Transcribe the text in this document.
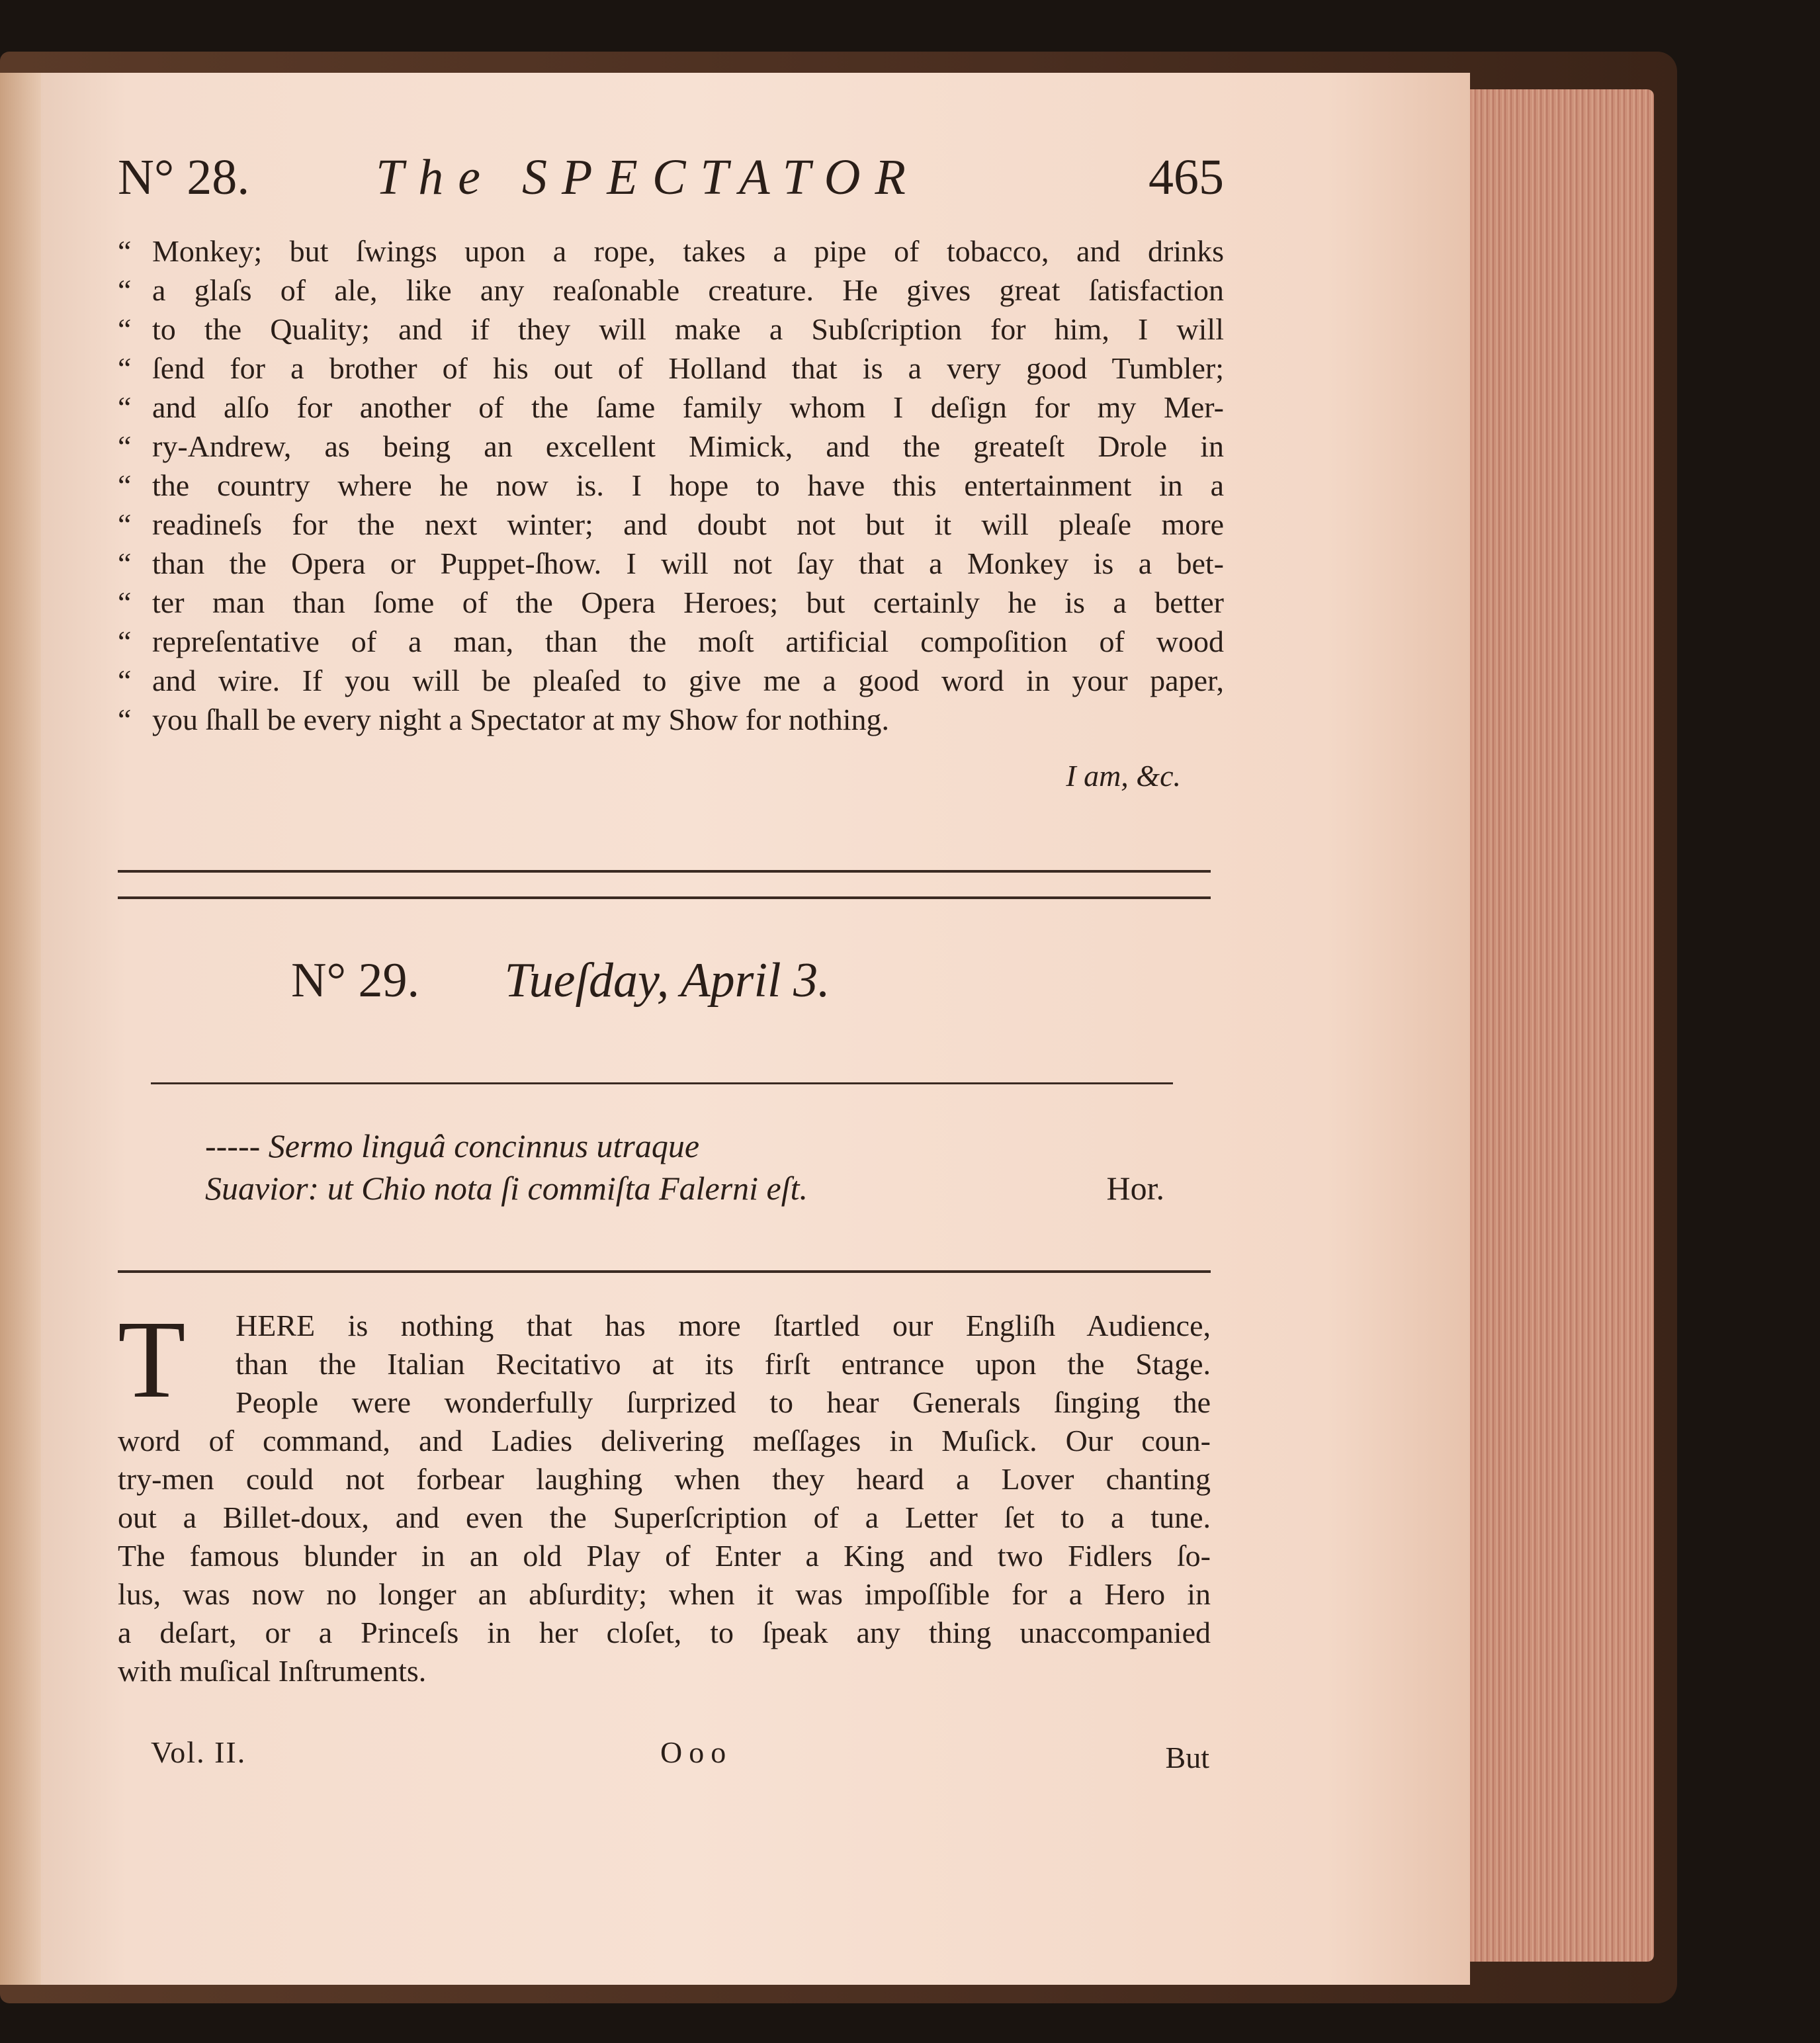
N° 28.	The SPECTATOR	465
“ Monkey; but ſwings upon a rope, takes a pipe of tobacco, and drinks
“ a glaſs of ale, like any reaſonable creature. He gives great ſatisfaction
“ to the Quality; and if they will make a Subſcription for him, I will
“ ſend for a brother of his out of Holland that is a very good Tumbler;
“ and alſo for another of the ſame family whom I deſign for my Mer-
“ ry-Andrew, as being an excellent Mimick, and the greateſt Drole in
“ the country where he now is. I hope to have this entertainment in a
“ readineſs for the next winter; and doubt not but it will pleaſe more
“ than the Opera or Puppet-ſhow. I will not ſay that a Monkey is a bet-
“ ter man than ſome of the Opera Heroes; but certainly he is a better
“ repreſentative of a man, than the moſt artificial compoſition of wood
“ and wire. If you will be pleaſed to give me a good word in your paper,
“ you ſhall be every night a Spectator at my Show for nothing.
I am, &c.
N° 29. Tueſday, April 3.
----- Sermo linguâ concinnus utraque
Suavior: ut Chio nota ſi commiſta Falerni eſt.	Hor.
T HERE is nothing that has more ſtartled our Engliſh Audience,
than the Italian Recitativo at its firſt entrance upon the Stage.
People were wonderfully ſurprized to hear Generals ſinging the
word of command, and Ladies delivering meſſages in Muſick. Our coun-
try-men could not forbear laughing when they heard a Lover chanting
out a Billet-doux, and even the Superſcription of a Letter ſet to a tune.
The famous blunder in an old Play of Enter a King and two Fidlers ſo-
lus, was now no longer an abſurdity; when it was impoſſible for a Hero in
a deſart, or a Princeſs in her cloſet, to ſpeak any thing unaccompanied
with muſical Inſtruments.
Vol. II.	Ooo	But
